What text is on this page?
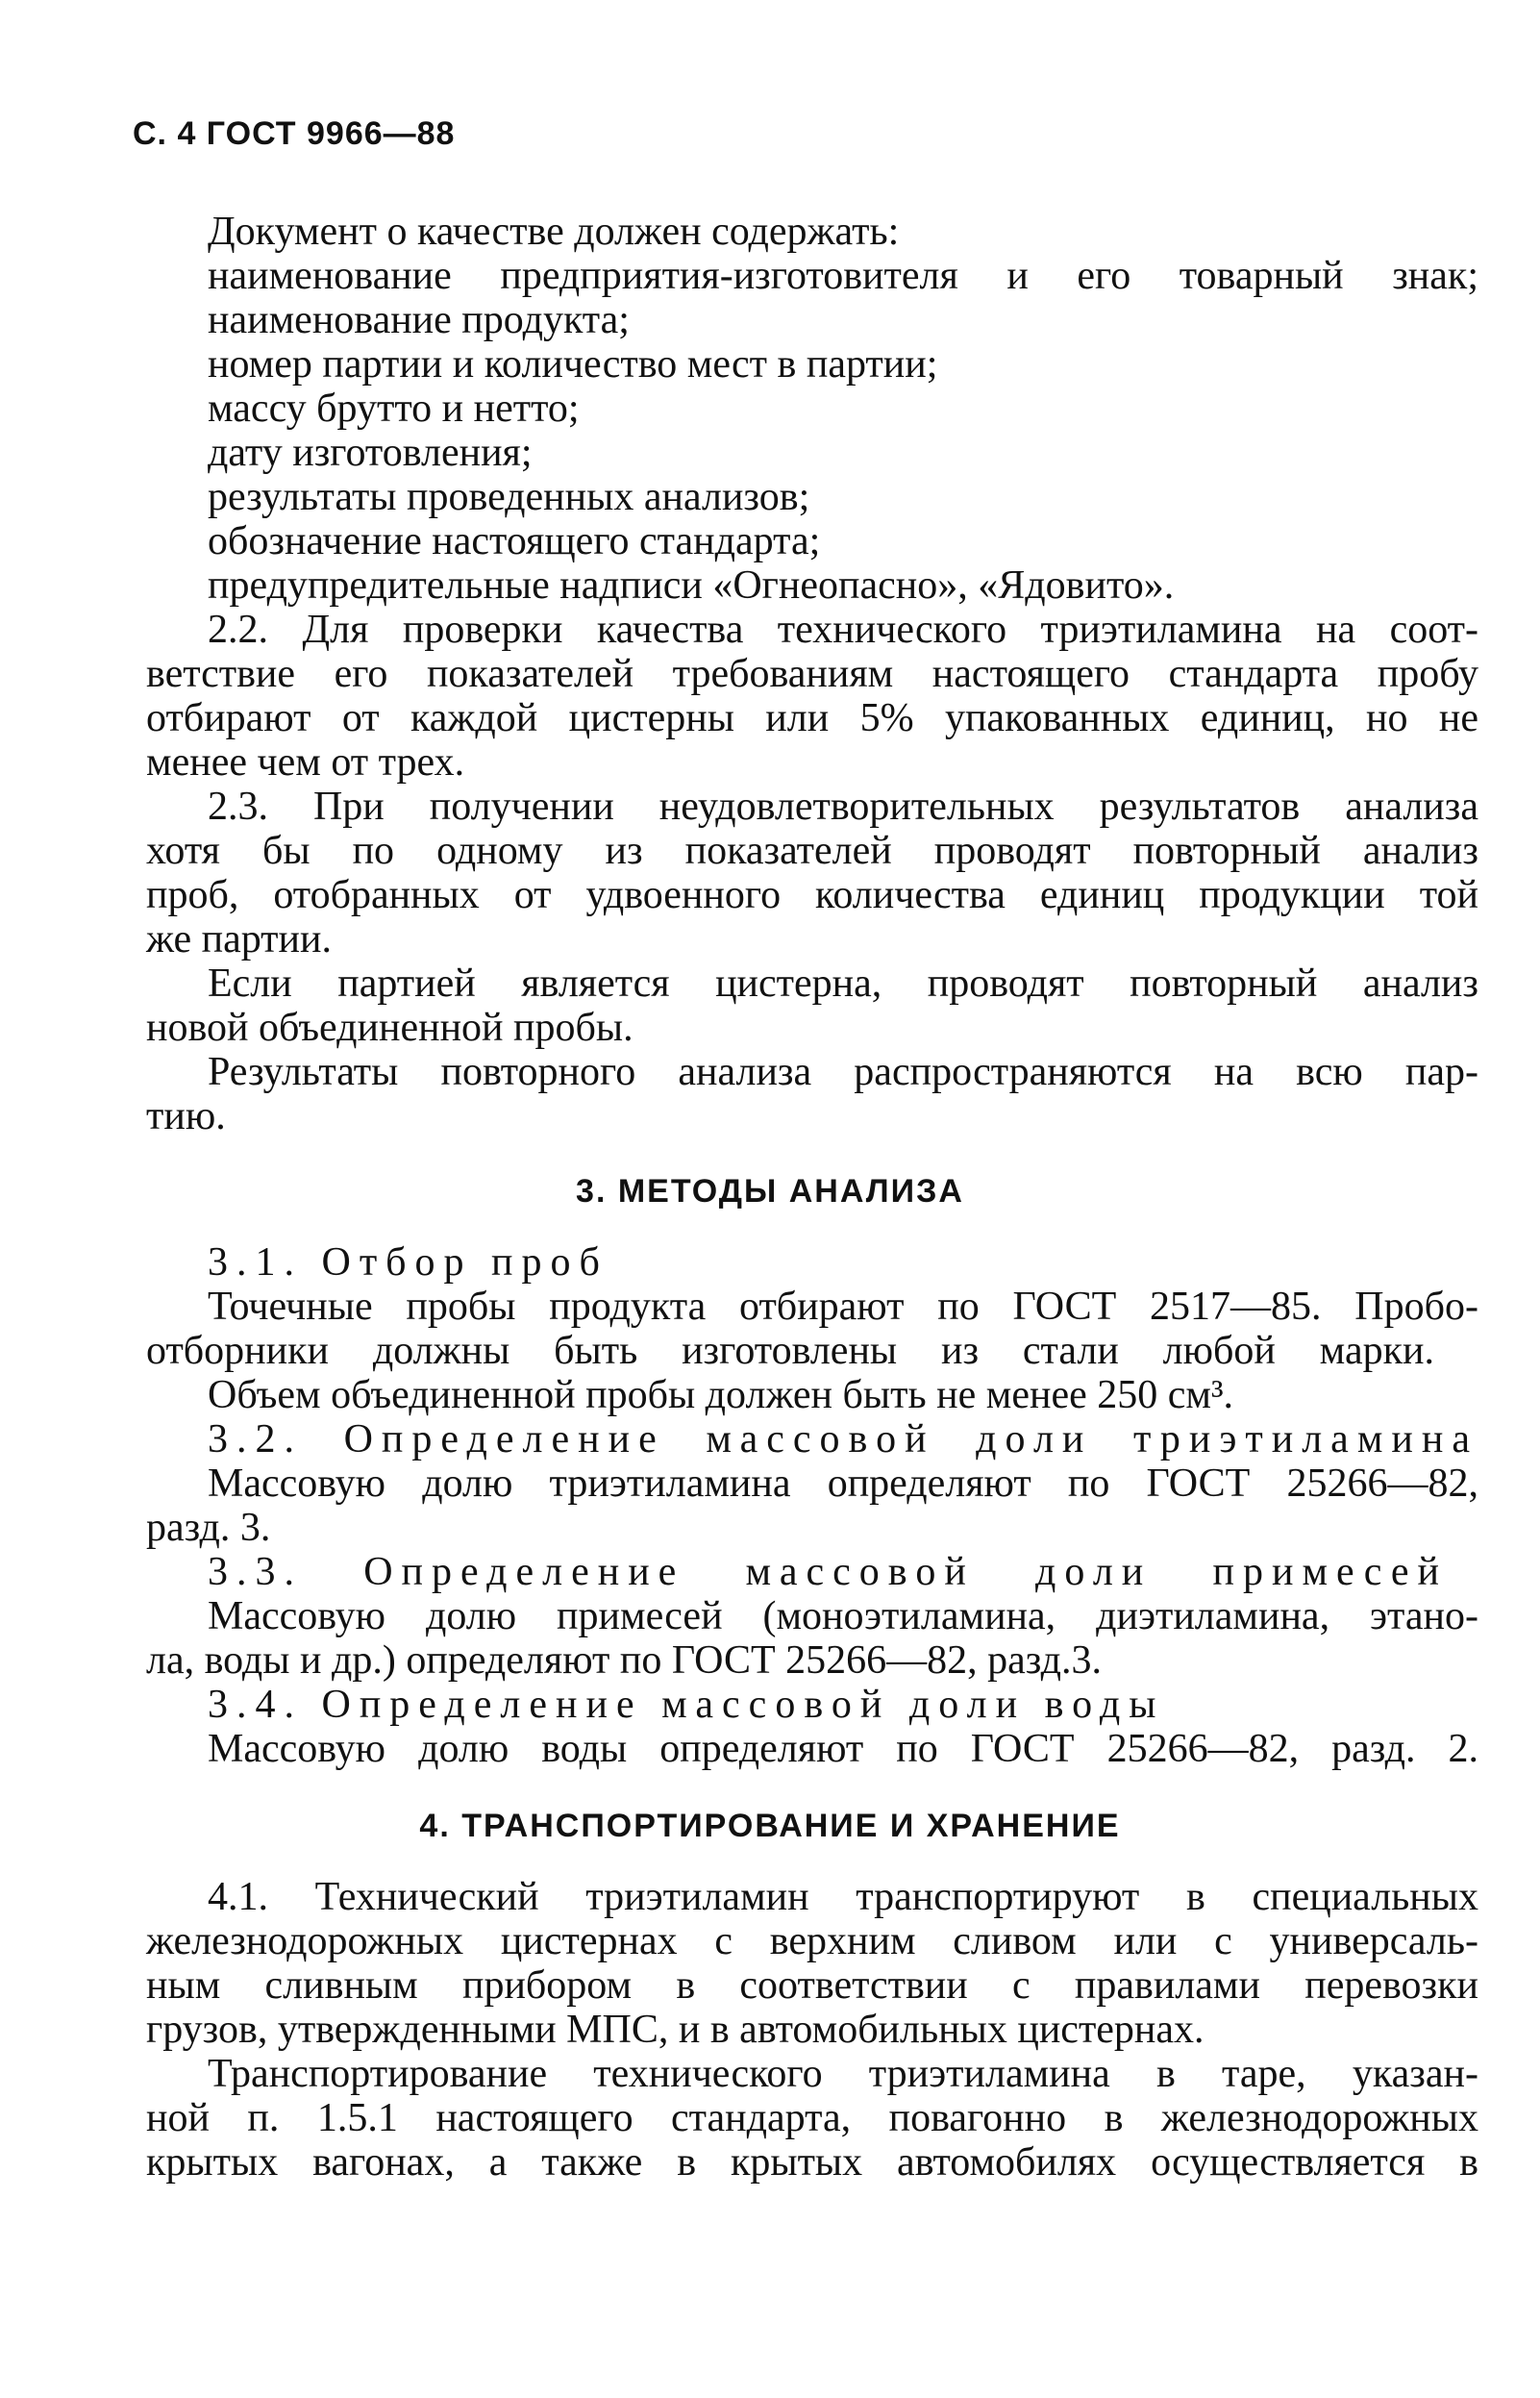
С. 4 ГОСТ 9966—88
Документ о качестве должен содержать:
наименование предприятия-изготовителя и его товарный знак;
наименование продукта;
номер партии и количество мест в партии;
массу брутто и нетто;
дату изготовления;
результаты проведенных анализов;
обозначение настоящего стандарта;
предупредительные надписи «Огнеопасно», «Ядовито».
2.2. Для проверки качества технического триэтиламина на соот-
ветствие его показателей требованиям настоящего стандарта пробу
отбирают от каждой цистерны или 5% упакованных единиц, но не
менее чем от трех.
2.3. При получении неудовлетворительных результатов анализа
хотя бы по одному из показателей проводят повторный анализ
проб, отобранных от удвоенного количества единиц продукции той
же партии.
Если партией является цистерна, проводят повторный анализ
новой объединенной пробы.
Результаты повторного анализа распространяются на всю пар-
тию.
3. МЕТОДЫ АНАЛИЗА
3.1. Отбор проб
Точечные пробы продукта отбирают по ГОСТ 2517—85. Пробо-
отборники должны быть изготовлены из стали любой марки.
Объем объединенной пробы должен быть не менее 250 см³.
3.2. Определение массовой доли триэтиламина
Массовую долю триэтиламина определяют по ГОСТ 25266—82,
разд. 3.
3.3. Определение массовой доли примесей
Массовую долю примесей (моноэтиламина, диэтиламина, этано-
ла, воды и др.) определяют по ГОСТ 25266—82, разд.3.
3.4. Определение массовой доли воды
Массовую долю воды определяют по ГОСТ 25266—82, разд. 2.
4. ТРАНСПОРТИРОВАНИЕ И ХРАНЕНИЕ
4.1. Технический триэтиламин транспортируют в специальных
железнодорожных цистернах с верхним сливом или с универсаль-
ным сливным прибором в соответствии с правилами перевозки
грузов, утвержденными МПС, и в автомобильных цистернах.
Транспортирование технического триэтиламина в таре, указан-
ной п. 1.5.1 настоящего стандарта, повагонно в железнодорожных
крытых вагонах, а также в крытых автомобилях осуществляется в
